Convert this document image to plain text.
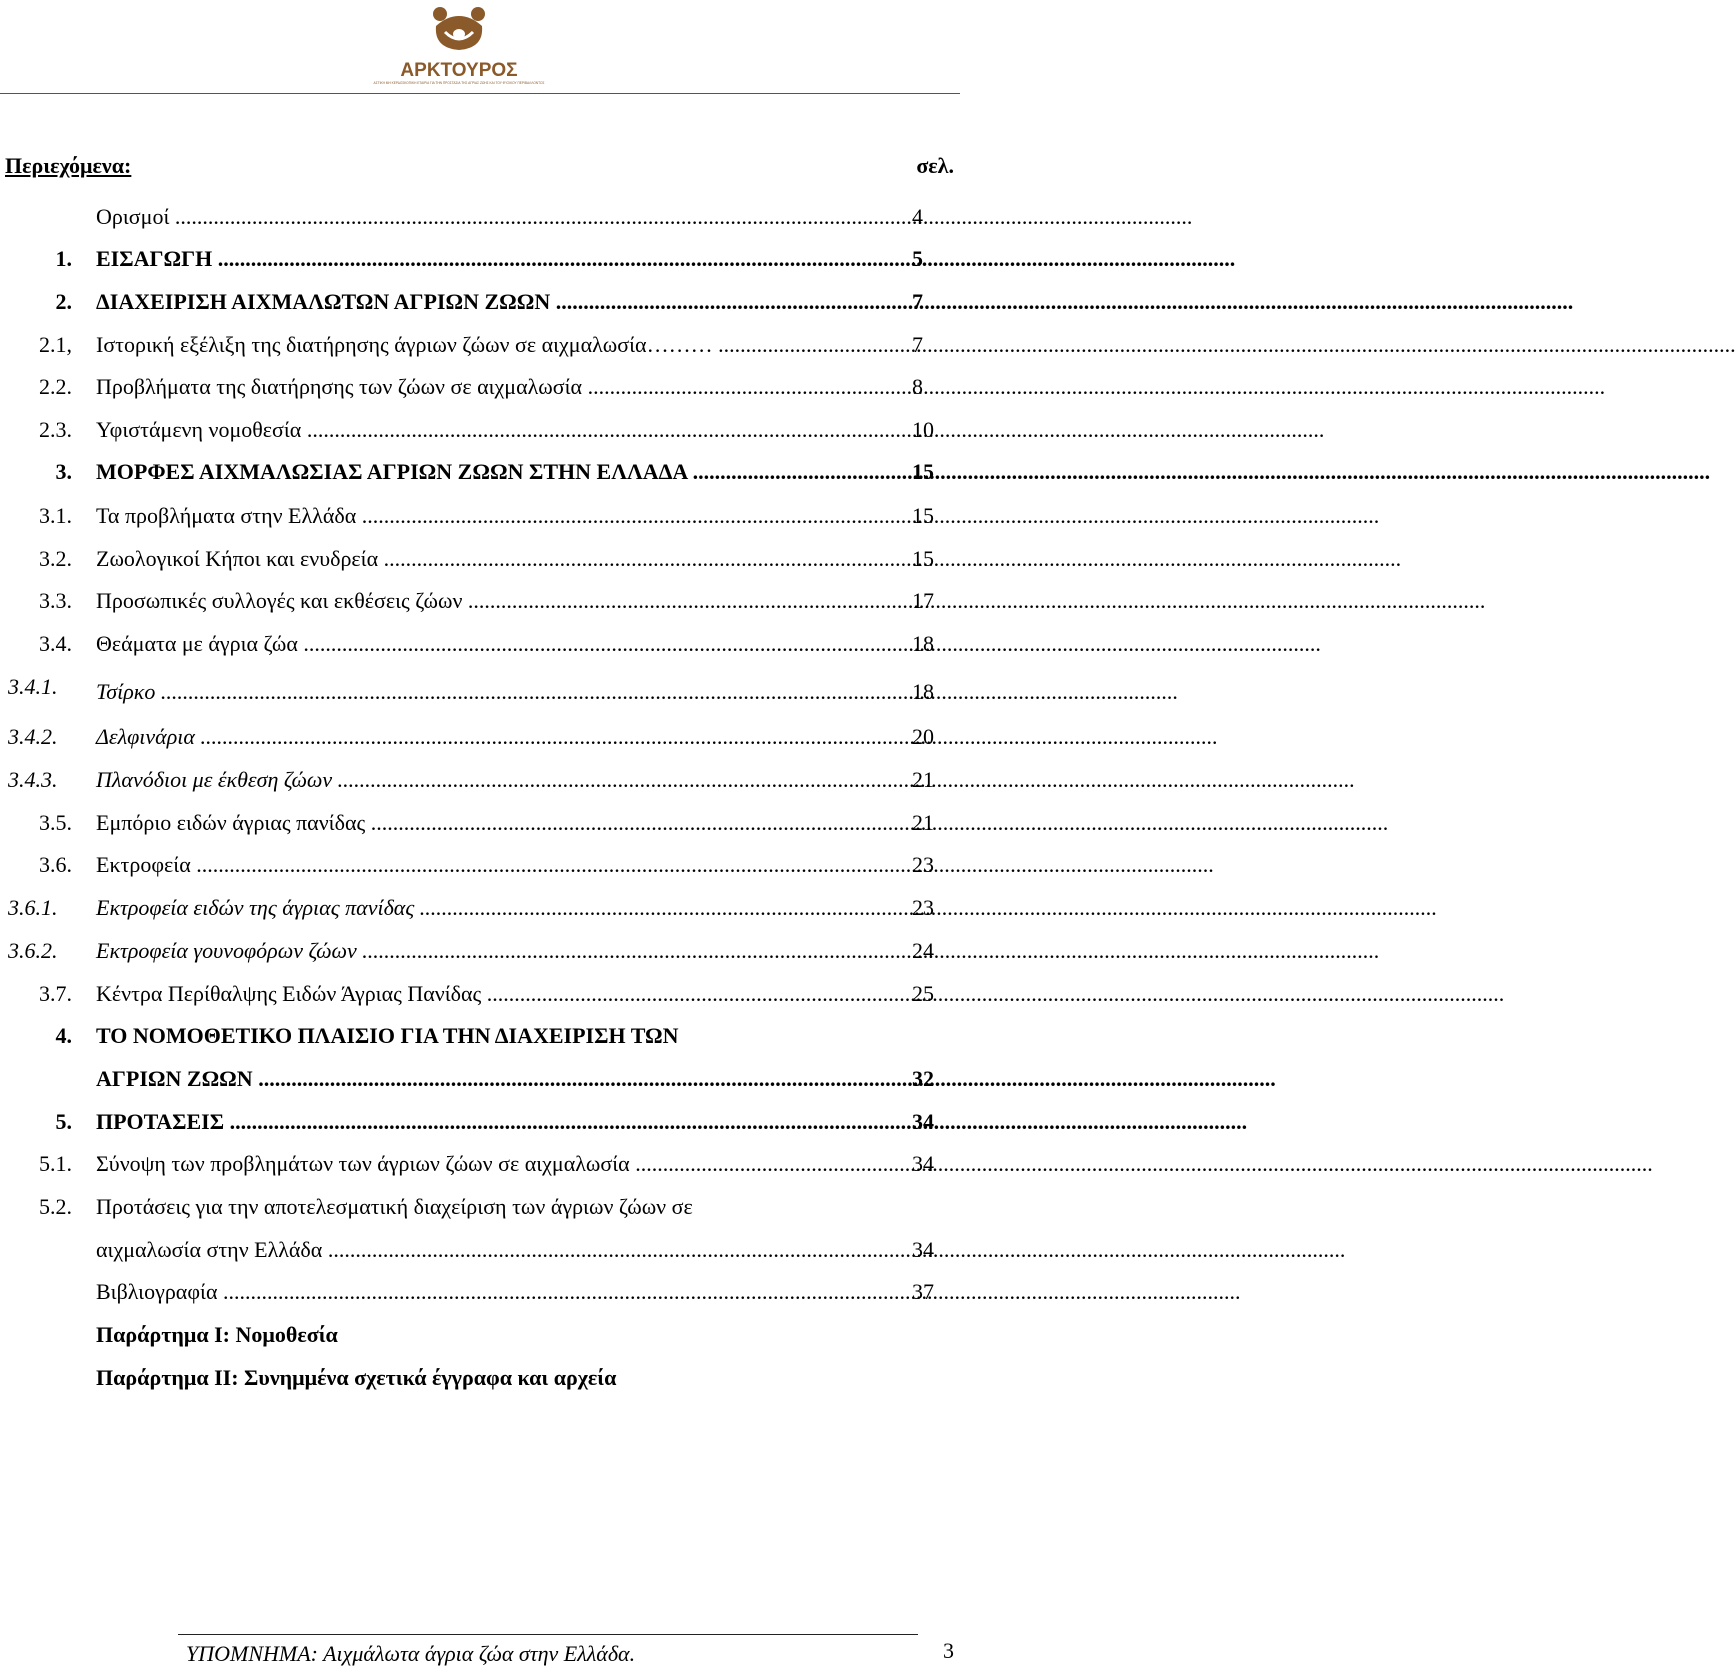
ΑΡΚΤΟΥΡΟΣ
ΑΣΤΙΚΗ ΜΗ ΚΕΡΔΟΣΚΟΠΙΚΗ ΕΤΑΙΡΙΑ ΓΙΑ ΤΗΝ ΠΡΟΣΤΑΣΙΑ ΤΗΣ ΑΓΡΙΑΣ ΖΩΗΣ ΚΑΙ ΤΟΥ ΦΥΣΙΚΟΥ ΠΕΡΙΒΑΛΛΟΝΤΟΣ
Περιεχόμενα:	σελ.
Ορισμοί .....	4
1. ΕΙΣΑΓΩΓΗ .....	5
2. ΔΙΑΧΕΙΡΙΣΗ ΑΙΧΜΑΛΩΤΩΝ ΑΓΡΙΩΝ ΖΩΩΝ .....	7
2.1, Ιστορική εξέλιξη της διατήρησης άγριων ζώων σε αιχμαλωσία……… .....	7
2.2. Προβλήματα της διατήρησης των ζώων σε αιχμαλωσία .....	8
2.3. Υφιστάμενη νομοθεσία .....	10
3. ΜΟΡΦΕΣ ΑΙΧΜΑΛΩΣΙΑΣ ΑΓΡΙΩΝ ΖΩΩΝ ΣΤΗΝ ΕΛΛΑΔΑ .....	15
3.1. Τα προβλήματα στην Ελλάδα .....	15
3.2. Ζωολογικοί Κήποι και ενυδρεία .....	15
3.3. Προσωπικές συλλογές και εκθέσεις ζώων .....	17
3.4. Θεάματα με άγρια ζώα .....	18
3.4.1. Τσίρκο .....	18
3.4.2. Δελφινάρια .....	20
3.4.3. Πλανόδιοι με έκθεση ζώων .....	21
3.5. Εμπόριο ειδών άγριας πανίδας .....	21
3.6. Εκτροφεία .....	23
3.6.1. Εκτροφεία ειδών της άγριας πανίδας .....	23
3.6.2. Εκτροφεία γουνοφόρων ζώων .....	24
3.7. Κέντρα Περίθαλψης Ειδών Άγριας Πανίδας .....	25
4. ΤΟ ΝΟΜΟΘΕΤΙΚΟ ΠΛΑΙΣΙΟ ΓΙΑ ΤΗΝ ΔΙΑΧΕΙΡΙΣΗ ΤΩΝ
ΑΓΡΙΩΝ ΖΩΩΝ .....	32
5. ΠΡΟΤΑΣΕΙΣ .....	34
5.1. Σύνοψη των προβλημάτων των άγριων ζώων σε αιχμαλωσία .....	34
5.2. Προτάσεις για την αποτελεσματική διαχείριση των άγριων ζώων σε
αιχμαλωσία στην Ελλάδα .....	34
Βιβλιογραφία .....	37
Παράρτημα Ι: Νομοθεσία
Παράρτημα ΙΙ: Συνημμένα σχετικά έγγραφα και αρχεία
ΥΠΟΜΝΗΜΑ: Αιχμάλωτα άγρια ζώα στην Ελλάδα.	3
